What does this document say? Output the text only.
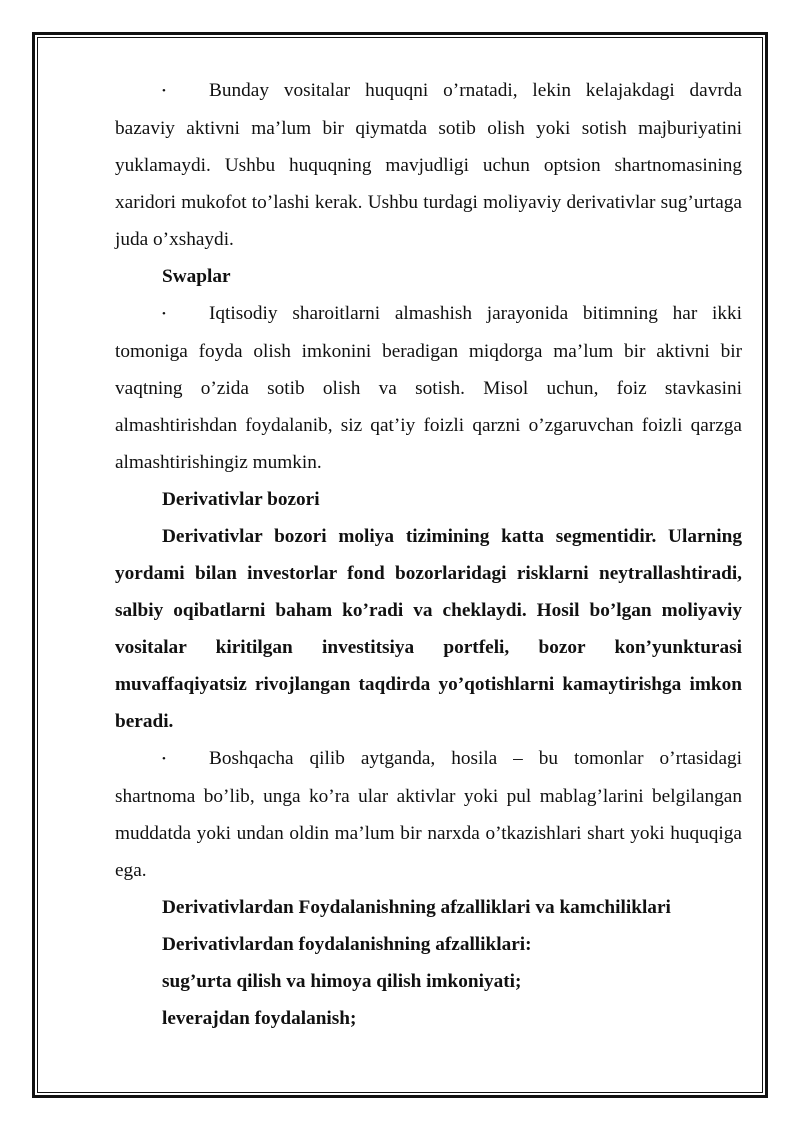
• Bunday vositalar huquqni o’rnatadi, lekin kelajakdagi davrda bazaviy aktivni ma’lum bir qiymatda sotib olish yoki sotish majburiyatini yuklamaydi. Ushbu huquqning mavjudligi uchun optsion shartnomasining xaridori mukofot to’lashi kerak. Ushbu turdagi moliyaviy derivativlar sug’urtaga juda o’xshaydi.

Swaplar

• Iqtisodiy sharoitlarni almashish jarayonida bitimning har ikki tomoniga foyda olish imkonini beradigan miqdorga ma’lum bir aktivni bir vaqtning o’zida sotib olish va sotish. Misol uchun, foiz stavkasini almashtirishdan foydalanib, siz qat’iy foizli qarzni o’zgaruvchan foizli qarzga almashtirishingiz mumkin.

Derivativlar bozori

Derivativlar bozori moliya tizimining katta segmentidir. Ularning yordami bilan investorlar fond bozorlaridagi risklarni neytrallashtiradi, salbiy oqibatlarni baham ko’radi va cheklaydi. Hosil bo’lgan moliyaviy vositalar kiritilgan investitsiya portfeli, bozor kon’yunkturasi muvaffaqiyatsiz rivojlangan taqdirda yo’qotishlarni kamaytirishga imkon beradi.

• Boshqacha qilib aytganda, hosila – bu tomonlar o’rtasidagi shartnoma bo’lib, unga ko’ra ular aktivlar yoki pul mablag’larini belgilangan muddatda yoki undan oldin ma’lum bir narxda o’tkazishlari shart yoki huquqiga ega.

Derivativlardan Foydalanishning afzalliklari va kamchiliklari

Derivativlardan foydalanishning afzalliklari:

sug’urta qilish va himoya qilish imkoniyati;

leverajdan foydalanish;
